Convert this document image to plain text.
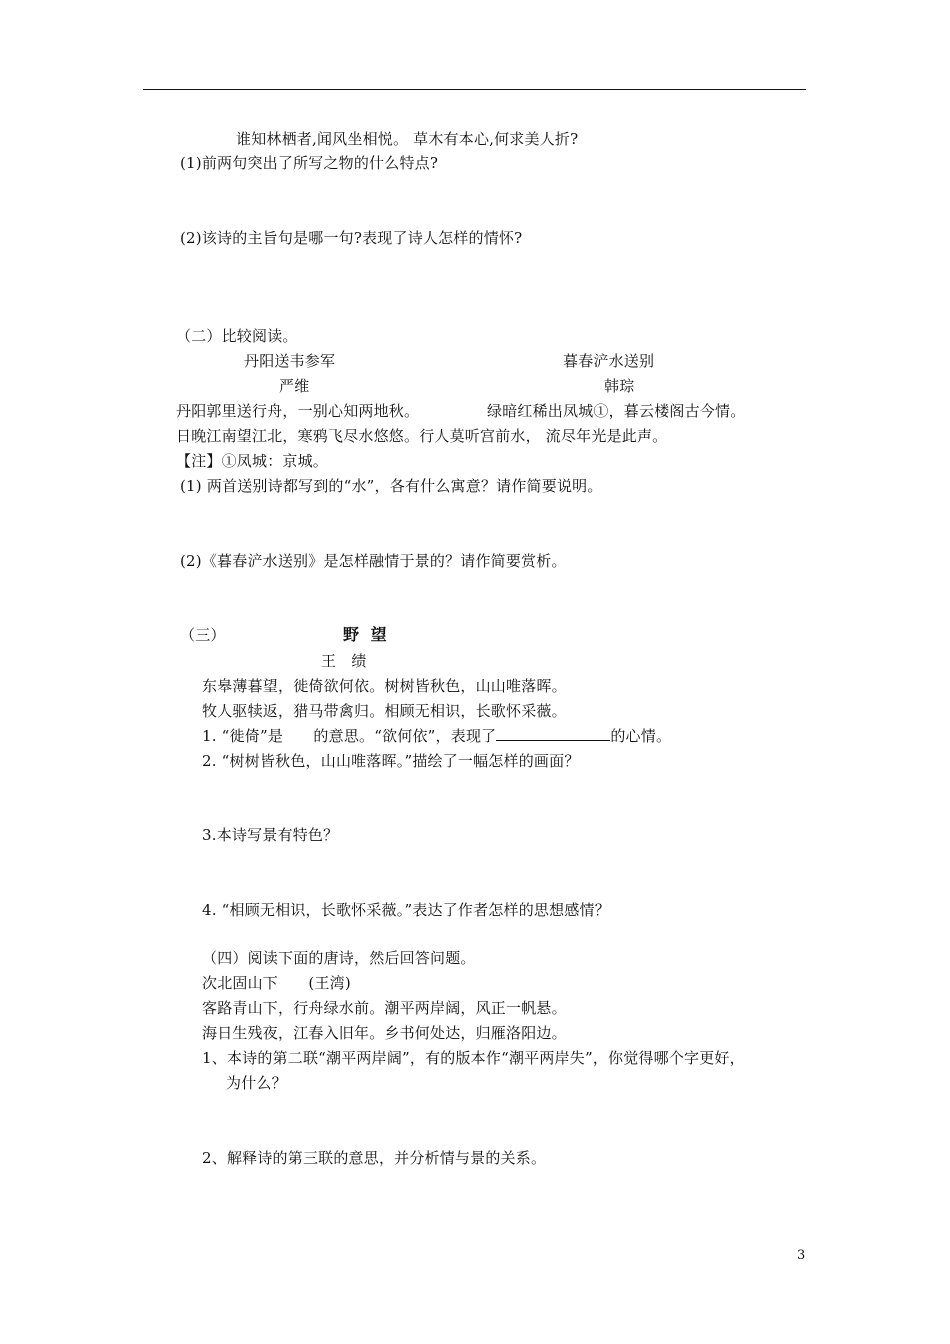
谁知林栖者,闻风坐相悦。 草木有本心,何求美人折?
(1)前两句突出了所写之物的什么特点?
(2)该诗的主旨句是哪一句?表现了诗人怎样的情怀?
（二）比较阅读。
丹阳送韦参军	暮春浐水送别
严维	韩琮
丹阳郭里送行舟，一别心知两地秋。	绿暗红稀出凤城①，暮云楼阁古今情。
日晚江南望江北，寒鸦飞尽水悠悠。行人莫听宫前水， 流尽年光是此声。
【注】①凤城：京城。
(1) 两首送别诗都写到的“水”，各有什么寓意？请作简要说明。
(2)《暮春浐水送别》是怎样融情于景的？请作简要赏析。
（三）	野 望
王　绩
东皋薄暮望，徙倚欲何依。树树皆秋色，山山唯落晖。
牧人驱犊返，猎马带禽归。相顾无相识，长歌怀采薇。
1. “徙倚”是　　的意思。“欲何依”，表现了	的心情。
2. “树树皆秋色，山山唯落晖。”描绘了一幅怎样的画面？
3.本诗写景有特色？
4. “相顾无相识，长歌怀采薇。”表达了作者怎样的思想感情？
（四）阅读下面的唐诗，然后回答问题。
次北固山下　　(王湾)
客路青山下，行舟绿水前。潮平两岸阔，风正一帆悬。
海日生残夜，江春入旧年。乡书何处达，归雁洛阳边。
1、本诗的第二联“潮平两岸阔”，有的版本作“潮平两岸失”，你觉得哪个字更好，
为什么？
2、解释诗的第三联的意思，并分析情与景的关系。
3
